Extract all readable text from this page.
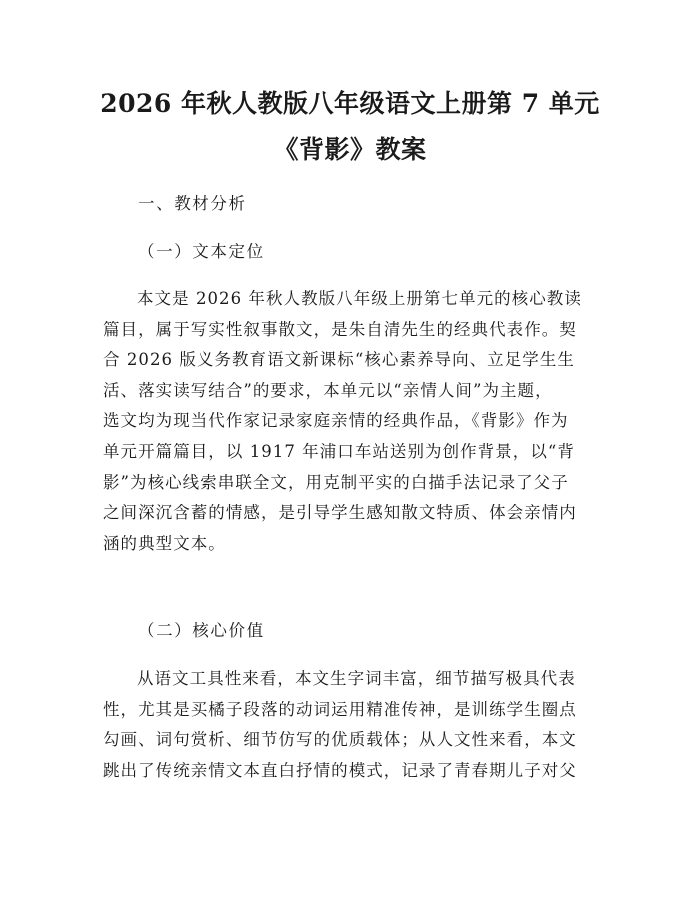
2026 年秋人教版八年级语文上册第 7 单元
《背影》教案
一、教材分析
（一）文本定位
本文是 2026 年秋人教版八年级上册第七单元的核心教读
篇目，属于写实性叙事散文，是朱自清先生的经典代表作。契
合 2026 版义务教育语文新课标“核心素养导向、立足学生生
活、落实读写结合”的要求，本单元以“亲情人间”为主题，
选文均为现当代作家记录家庭亲情的经典作品，《背影》作为
单元开篇篇目，以 1917 年浦口车站送别为创作背景，以“背
影”为核心线索串联全文，用克制平实的白描手法记录了父子
之间深沉含蓄的情感，是引导学生感知散文特质、体会亲情内
涵的典型文本。
（二）核心价值
从语文工具性来看，本文生字词丰富，细节描写极具代表
性，尤其是买橘子段落的动词运用精准传神，是训练学生圈点
勾画、词句赏析、细节仿写的优质载体；从人文性来看，本文
跳出了传统亲情文本直白抒情的模式，记录了青春期儿子对父
